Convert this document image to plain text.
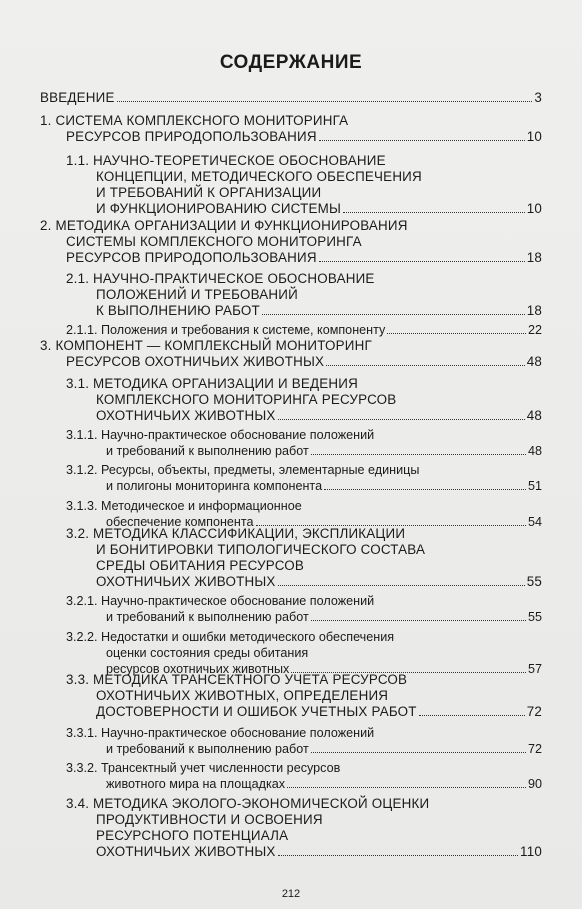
СОДЕРЖАНИЕ
ВВЕДЕНИЕ	3
1. СИСТЕМА КОМПЛЕКСНОГО МОНИТОРИНГА
РЕСУРСОВ ПРИРОДОПОЛЬЗОВАНИЯ	10
1.1. НАУЧНО-ТЕОРЕТИЧЕСКОЕ ОБОСНОВАНИЕ
КОНЦЕПЦИИ, МЕТОДИЧЕСКОГО ОБЕСПЕЧЕНИЯ
И ТРЕБОВАНИЙ К ОРГАНИЗАЦИИ
И ФУНКЦИОНИРОВАНИЮ СИСТЕМЫ	10
2. МЕТОДИКА ОРГАНИЗАЦИИ И ФУНКЦИОНИРОВАНИЯ
СИСТЕМЫ КОМПЛЕКСНОГО МОНИТОРИНГА
РЕСУРСОВ ПРИРОДОПОЛЬЗОВАНИЯ	18
2.1. НАУЧНО-ПРАКТИЧЕСКОЕ ОБОСНОВАНИЕ
ПОЛОЖЕНИЙ И ТРЕБОВАНИЙ
К ВЫПОЛНЕНИЮ РАБОТ	18
2.1.1. Положения и требования к системе, компоненту	22
3. КОМПОНЕНТ — КОМПЛЕКСНЫЙ МОНИТОРИНГ
РЕСУРСОВ ОХОТНИЧЬИХ ЖИВОТНЫХ	48
3.1. МЕТОДИКА ОРГАНИЗАЦИИ И ВЕДЕНИЯ
КОМПЛЕКСНОГО МОНИТОРИНГА РЕСУРСОВ
ОХОТНИЧЬИХ ЖИВОТНЫХ	48
3.1.1. Научно-практическое обоснование положений
и требований к выполнению работ	48
3.1.2. Ресурсы, объекты, предметы, элементарные единицы
и полигоны мониторинга компонента	51
3.1.3. Методическое и информационное
обеспечение компонента	54
3.2. МЕТОДИКА КЛАССИФИКАЦИИ, ЭКСПЛИКАЦИИ
И БОНИТИРОВКИ ТИПОЛОГИЧЕСКОГО СОСТАВА
СРЕДЫ ОБИТАНИЯ РЕСУРСОВ
ОХОТНИЧЬИХ ЖИВОТНЫХ	55
3.2.1. Научно-практическое обоснование положений
и требований к выполнению работ	55
3.2.2. Недостатки и ошибки методического обеспечения
оценки состояния среды обитания
ресурсов охотничьих животных	57
3.3. МЕТОДИКА ТРАНСЕКТНОГО УЧЕТА РЕСУРСОВ
ОХОТНИЧЬИХ ЖИВОТНЫХ, ОПРЕДЕЛЕНИЯ
ДОСТОВЕРНОСТИ И ОШИБОК УЧЕТНЫХ РАБОТ	72
3.3.1. Научно-практическое обоснование положений
и требований к выполнению работ	72
3.3.2. Трансектный учет численности ресурсов
животного мира на площадках	90
3.4. МЕТОДИКА ЭКОЛОГО-ЭКОНОМИЧЕСКОЙ ОЦЕНКИ
ПРОДУКТИВНОСТИ И ОСВОЕНИЯ
РЕСУРСНОГО ПОТЕНЦИАЛА
ОХОТНИЧЬИХ ЖИВОТНЫХ	110
212
